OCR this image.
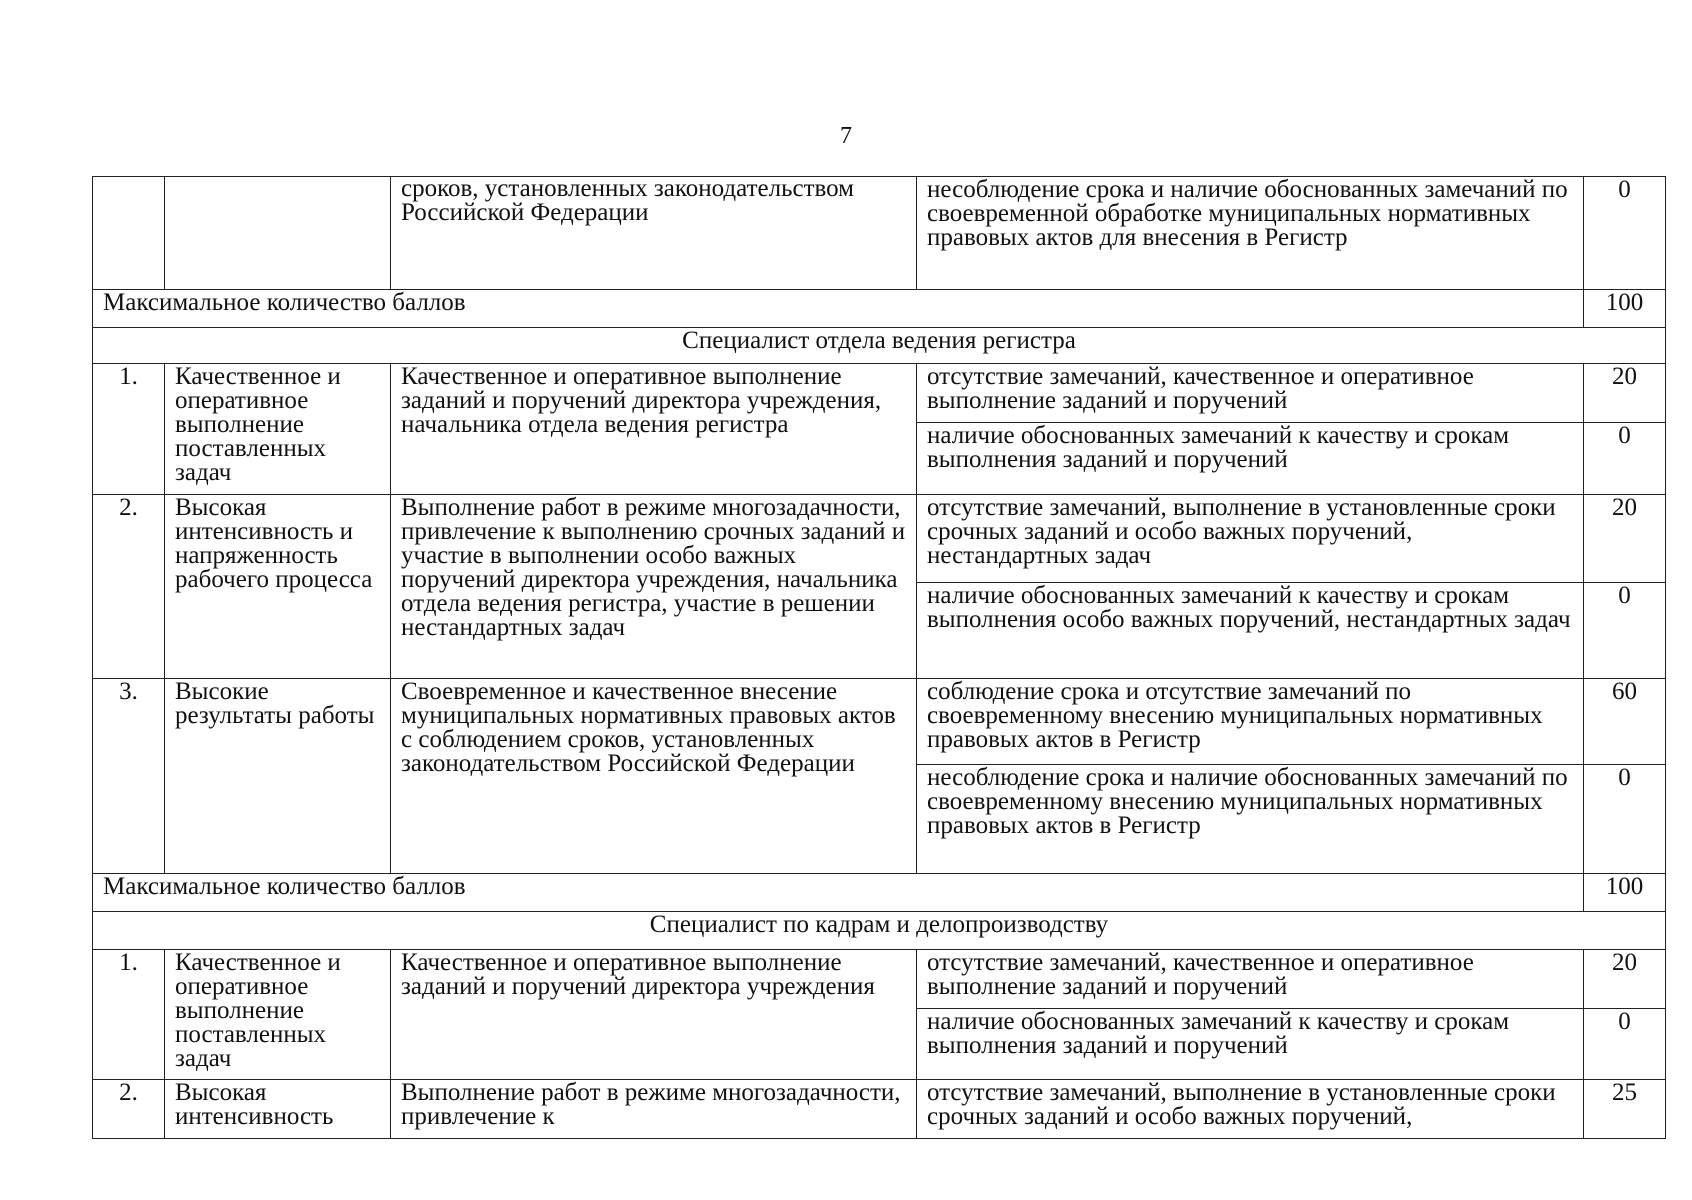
7
		сроков, установленных законодательством Российской Федерации	несоблюдение срока и наличие обоснованных замечаний по своевременной обработке муниципальных нормативных правовых актов для внесения в Регистр	0
Максимальное количество баллов				100
Специалист отдела ведения регистра				
1.	Качественное и оперативное выполнение поставленных задач	Качественное и оперативное выполнение заданий и поручений директора учреждения, начальника отдела ведения регистра	отсутствие замечаний, качественное и оперативное выполнение заданий и поручений	20
			наличие обоснованных замечаний к качеству и срокам выполнения заданий и поручений	0
2.	Высокая интенсивность и напряженность рабочего процесса	Выполнение работ в режиме многозадачности, привлечение к выполнению срочных заданий и участие в выполнении особо важных поручений директора учреждения, начальника отдела ведения регистра, участие в решении нестандартных задач	отсутствие замечаний, выполнение в установленные сроки срочных заданий и особо важных поручений, нестандартных задач	20
			наличие обоснованных замечаний к качеству и срокам выполнения особо важных поручений, нестандартных задач	0
3.	Высокие результаты работы	Своевременное и качественное внесение муниципальных нормативных правовых актов с соблюдением сроков, установленных законодательством Российской Федерации	соблюдение срока и отсутствие замечаний по своевременному внесению муниципальных нормативных правовых актов в Регистр	60
			несоблюдение срока и наличие обоснованных замечаний по своевременному внесению муниципальных нормативных правовых актов в Регистр	0
Максимальное количество баллов				100
Специалист по кадрам и делопроизводству				
1.	Качественное и оперативное выполнение поставленных задач	Качественное и оперативное выполнение заданий и поручений директора учреждения	отсутствие замечаний, качественное и оперативное выполнение заданий и поручений	20
			наличие обоснованных замечаний к качеству и срокам выполнения заданий и поручений	0
2.	Высокая интенсивность	Выполнение работ в режиме многозадачности, привлечение к	отсутствие замечаний, выполнение в установленные сроки срочных заданий и особо важных поручений,	25
